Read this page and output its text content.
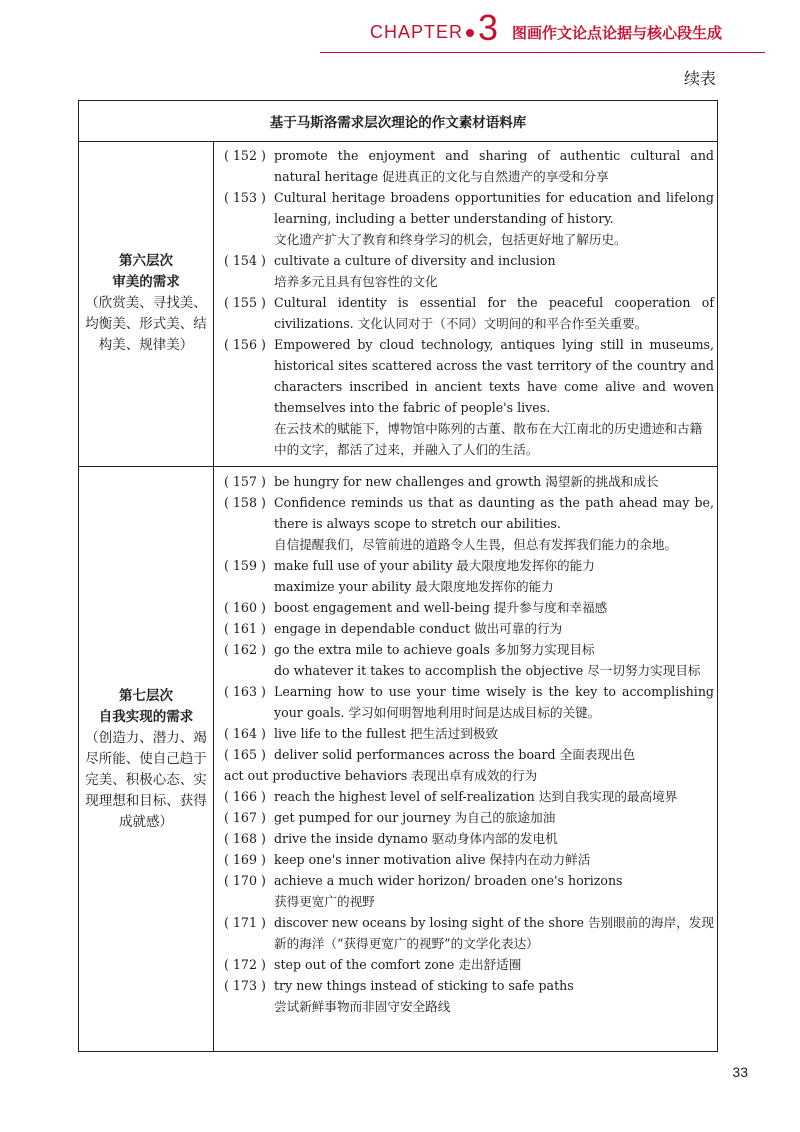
CHAPTER 3 图画作文论点论据与核心段生成
续表
基于马斯洛需求层次理论的作文素材语料库
第六层次
审美的需求
（欣赏美、寻找美、均衡美、形式美、结构美、规律美）
( 152 ) promote the enjoyment and sharing of authentic cultural and natural heritage 促进真正的文化与自然遗产的享受和分享
( 153 ) Cultural heritage broadens opportunities for education and lifelong learning, including a better understanding of history.
文化遗产扩大了教育和终身学习的机会，包括更好地了解历史。
( 154 ) cultivate a culture of diversity and inclusion
培养多元且具有包容性的文化
( 155 ) Cultural identity is essential for the peaceful cooperation of civilizations. 文化认同对于（不同）文明间的和平合作至关重要。
( 156 ) Empowered by cloud technology, antiques lying still in museums, historical sites scattered across the vast territory of the country and characters inscribed in ancient texts have come alive and woven themselves into the fabric of people's lives.
在云技术的赋能下，博物馆中陈列的古董、散布在大江南北的历史遗迹和古籍中的文字，都活了过来，并融入了人们的生活。
第七层次
自我实现的需求
（创造力、潜力、竭尽所能、使自己趋于完美、积极心态、实现理想和目标、获得成就感）
( 157 ) be hungry for new challenges and growth 渴望新的挑战和成长
( 158 ) Confidence reminds us that as daunting as the path ahead may be, there is always scope to stretch our abilities.
自信提醒我们，尽管前进的道路令人生畏，但总有发挥我们能力的余地。
( 159 ) make full use of your ability 最大限度地发挥你的能力
maximize your ability 最大限度地发挥你的能力
( 160 ) boost engagement and well-being 提升参与度和幸福感
( 161 ) engage in dependable conduct 做出可靠的行为
( 162 ) go the extra mile to achieve goals 多加努力实现目标
do whatever it takes to accomplish the objective 尽一切努力实现目标
( 163 ) Learning how to use your time wisely is the key to accomplishing your goals. 学习如何明智地利用时间是达成目标的关键。
( 164 ) live life to the fullest 把生活过到极致
( 165 ) deliver solid performances across the board 全面表现出色
act out productive behaviors 表现出卓有成效的行为
( 166 ) reach the highest level of self-realization 达到自我实现的最高境界
( 167 ) get pumped for our journey 为自己的旅途加油
( 168 ) drive the inside dynamo 驱动身体内部的发电机
( 169 ) keep one's inner motivation alive 保持内在动力鲜活
( 170 ) achieve a much wider horizon/ broaden one's horizons
获得更宽广的视野
( 171 ) discover new oceans by losing sight of the shore 告别眼前的海岸，发现新的海洋（“获得更宽广的视野”的文学化表达）
( 172 ) step out of the comfort zone 走出舒适圈
( 173 ) try new things instead of sticking to safe paths
尝试新鲜事物而非固守安全路线
33
